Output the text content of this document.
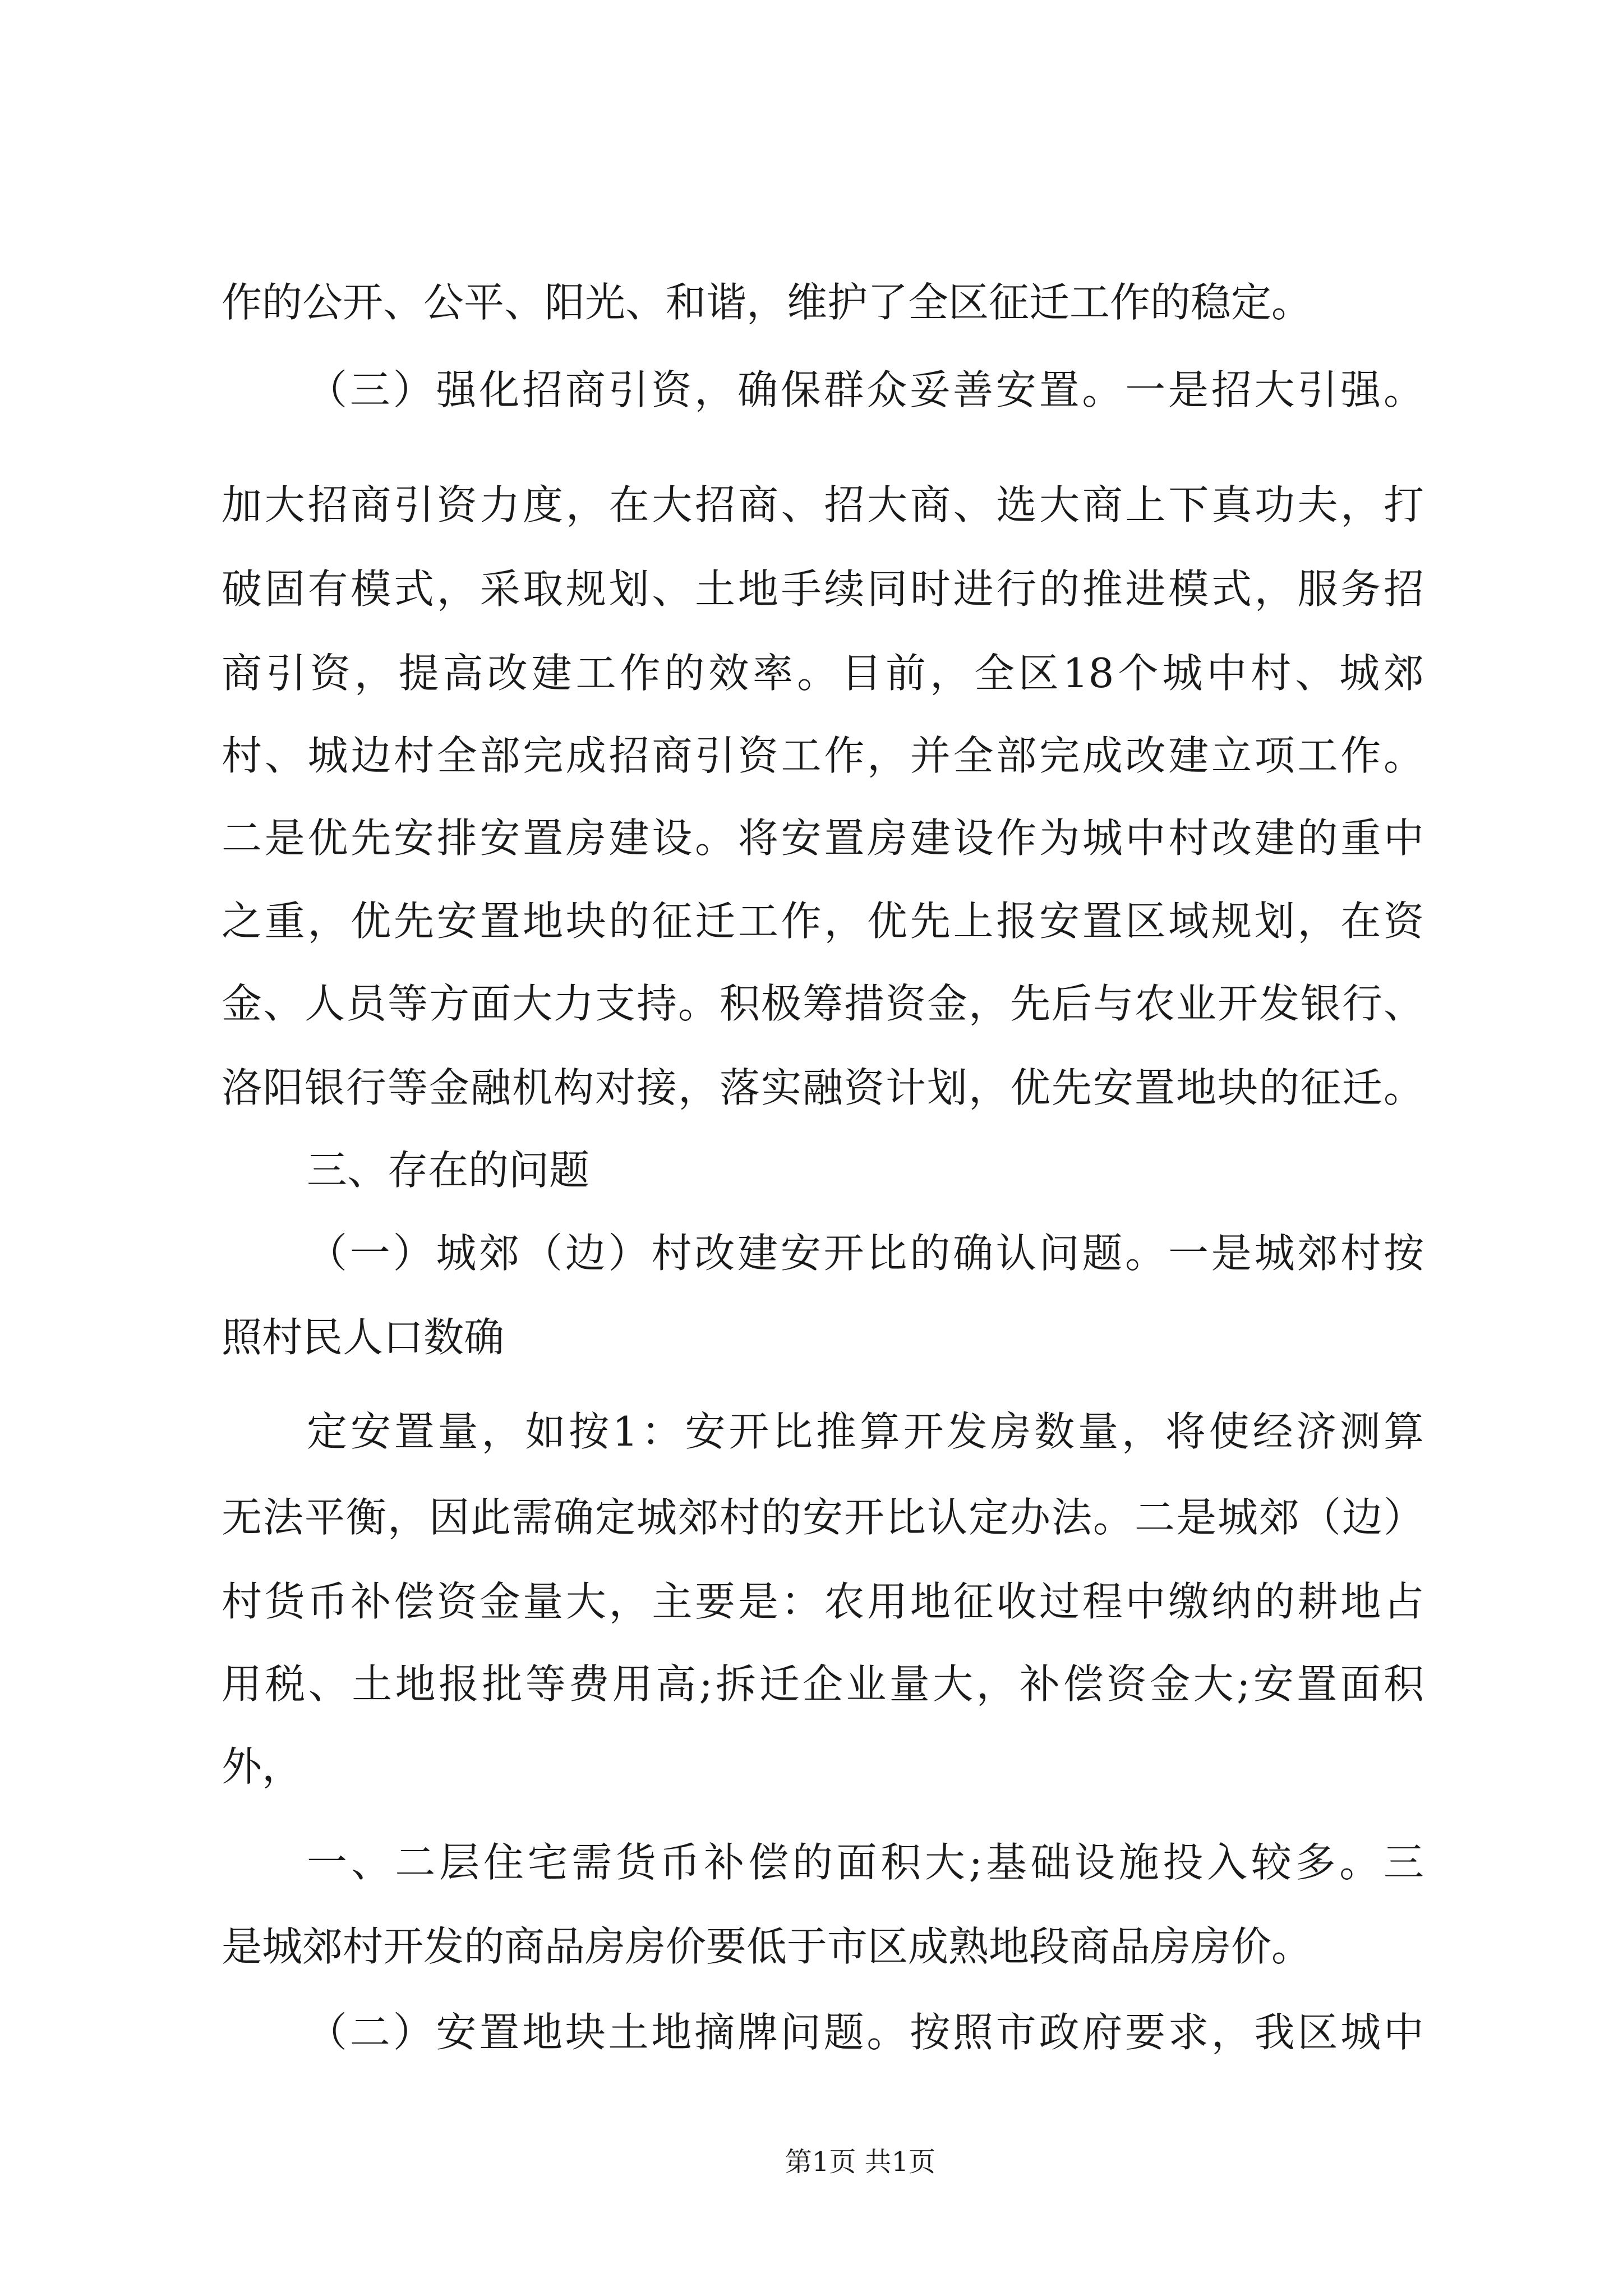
作的公开、公平、阳光、和谐，维护了全区征迁工作的稳定。
（三）强化招商引资，确保群众妥善安置。一是招大引强。
加大招商引资力度，在大招商、招大商、选大商上下真功夫，打
破固有模式，采取规划、土地手续同时进行的推进模式，服务招
商引资，提高改建工作的效率。目前，全区18个城中村、城郊
村、城边村全部完成招商引资工作，并全部完成改建立项工作。
二是优先安排安置房建设。将安置房建设作为城中村改建的重中
之重，优先安置地块的征迁工作，优先上报安置区域规划，在资
金、人员等方面大力支持。积极筹措资金，先后与农业开发银行、
洛阳银行等金融机构对接，落实融资计划，优先安置地块的征迁。
三、存在的问题
（一）城郊（边）村改建安开比的确认问题。一是城郊村按
照村民人口数确
定安置量，如按1：安开比推算开发房数量，将使经济测算
无法平衡，因此需确定城郊村的安开比认定办法。二是城郊（边）
村货币补偿资金量大，主要是：农用地征收过程中缴纳的耕地占
用税、土地报批等费用高;拆迁企业量大，补偿资金大;安置面积
外，
一、二层住宅需货币补偿的面积大;基础设施投入较多。三
是城郊村开发的商品房房价要低于市区成熟地段商品房房价。
（二）安置地块土地摘牌问题。按照市政府要求，我区城中
第1页 共1页
